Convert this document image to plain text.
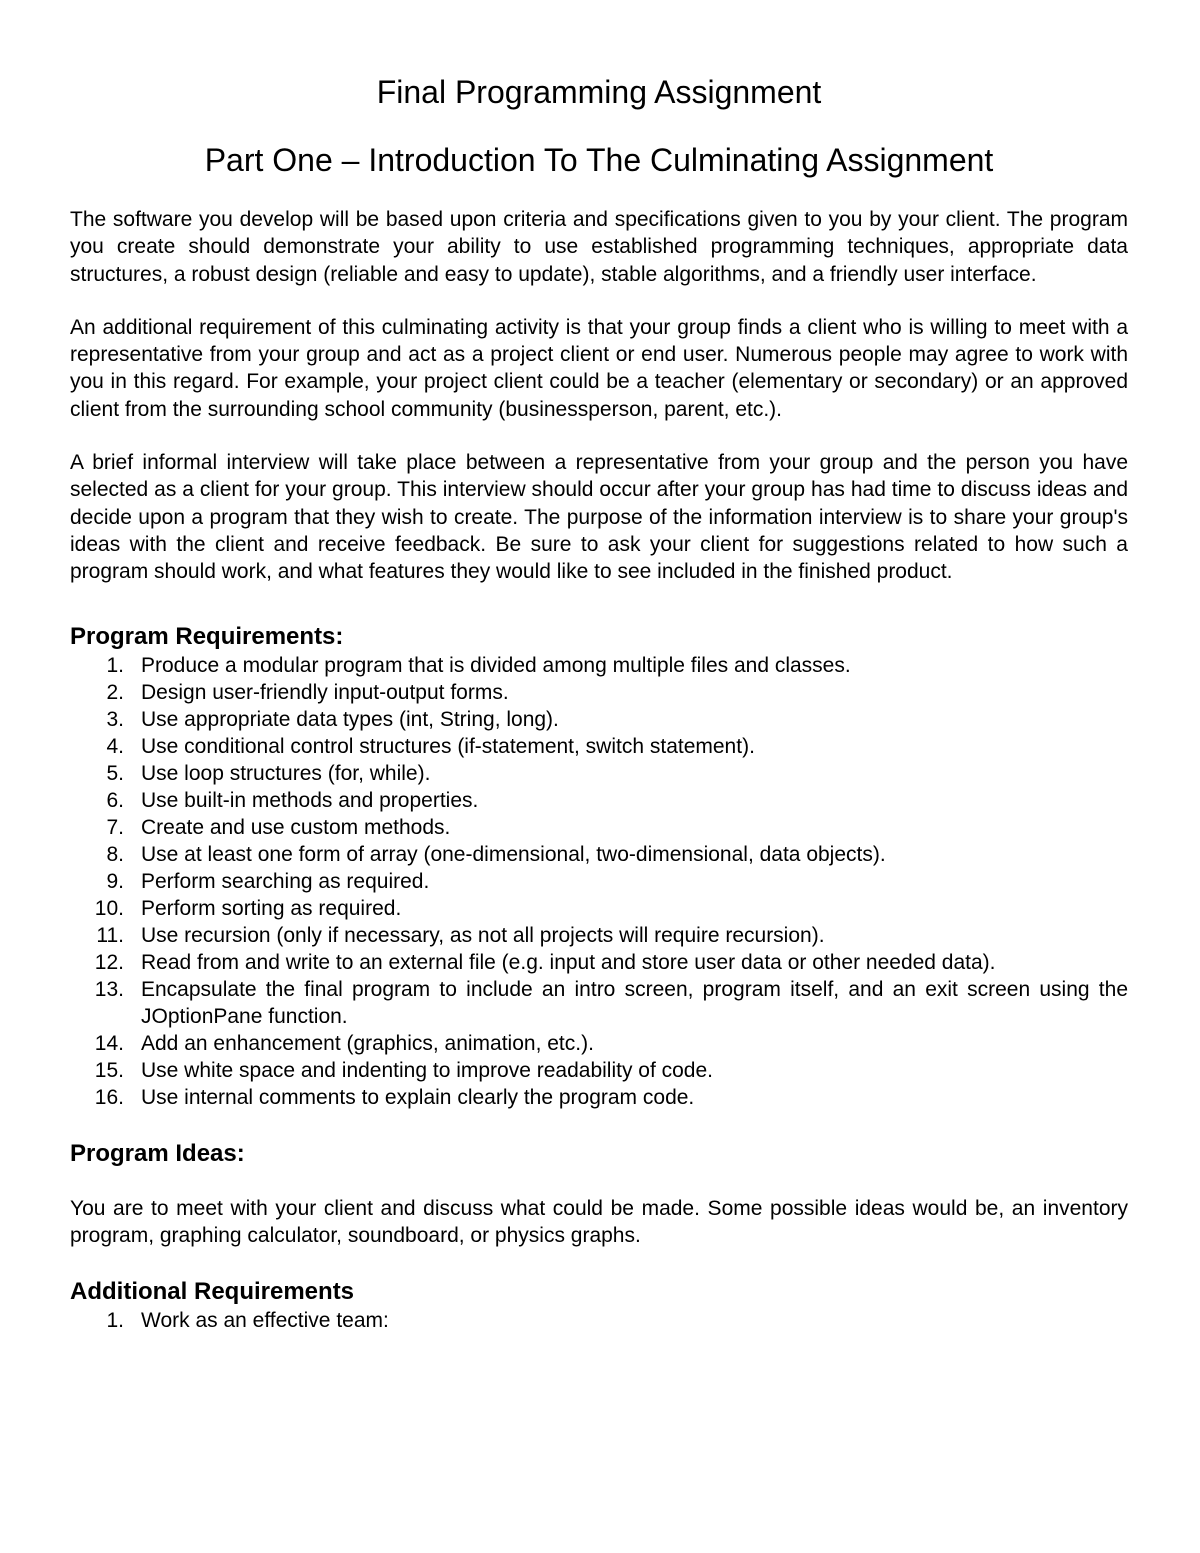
Final Programming Assignment
Part One – Introduction To The Culminating Assignment

The software you develop will be based upon criteria and specifications given to you by your client. The program you create should demonstrate your ability to use established programming techniques, appropriate data structures, a robust design (reliable and easy to update), stable algorithms, and a friendly user interface.

An additional requirement of this culminating activity is that your group finds a client who is willing to meet with a representative from your group and act as a project client or end user. Numerous people may agree to work with you in this regard. For example, your project client could be a teacher (elementary or secondary) or an approved client from the surrounding school community (businessperson, parent, etc.).

A brief informal interview will take place between a representative from your group and the person you have selected as a client for your group. This interview should occur after your group has had time to discuss ideas and decide upon a program that they wish to create. The purpose of the information interview is to share your group's ideas with the client and receive feedback. Be sure to ask your client for suggestions related to how such a program should work, and what features they would like to see included in the finished product.

Program Requirements:
1. Produce a modular program that is divided among multiple files and classes.
2. Design user-friendly input-output forms.
3. Use appropriate data types (int, String, long).
4. Use conditional control structures (if-statement, switch statement).
5. Use loop structures (for, while).
6. Use built-in methods and properties.
7. Create and use custom methods.
8. Use at least one form of array (one-dimensional, two-dimensional, data objects).
9. Perform searching as required.
10. Perform sorting as required.
11. Use recursion (only if necessary, as not all projects will require recursion).
12. Read from and write to an external file (e.g. input and store user data or other needed data).
13. Encapsulate the final program to include an intro screen, program itself, and an exit screen using the JOptionPane function.
14. Add an enhancement (graphics, animation, etc.).
15. Use white space and indenting to improve readability of code.
16. Use internal comments to explain clearly the program code.
Program Ideas:

You are to meet with your client and discuss what could be made. Some possible ideas would be, an inventory program, graphing calculator, soundboard, or physics graphs.

Additional Requirements
1. Work as an effective team:
